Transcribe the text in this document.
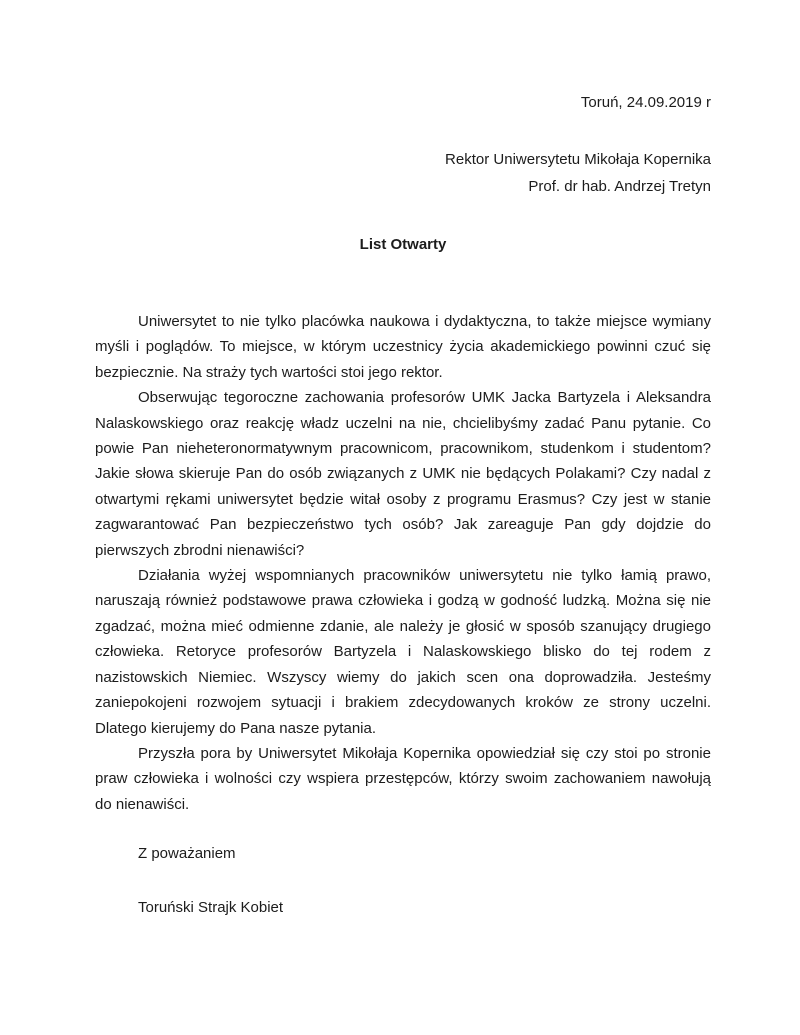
Toruń, 24.09.2019 r
Rektor Uniwersytetu Mikołaja Kopernika
Prof. dr hab. Andrzej Tretyn
List Otwarty

Uniwersytet to nie tylko placówka naukowa i dydaktyczna, to także miejsce wymiany myśli i poglądów. To miejsce, w którym uczestnicy życia akademickiego powinni czuć się bezpiecznie. Na straży tych wartości stoi jego rektor.

Obserwując tegoroczne zachowania profesorów UMK Jacka Bartyzela i Aleksandra Nalaskowskiego oraz reakcję władz uczelni na nie, chcielibyśmy zadać Panu pytanie. Co powie Pan nieheteronormatywnym pracownicom, pracownikom, studenkom i studentom? Jakie słowa skieruje Pan do osób związanych z UMK nie będących Polakami? Czy nadal z otwartymi rękami uniwersytet będzie witał osoby z programu Erasmus? Czy jest w stanie zagwarantować Pan bezpieczeństwo tych osób? Jak zareaguje Pan gdy dojdzie do pierwszych zbrodni nienawiści?

Działania wyżej wspomnianych pracowników uniwersytetu nie tylko łamią prawo, naruszają również podstawowe prawa człowieka i godzą w godność ludzką. Można się nie zgadzać, można mieć odmienne zdanie, ale należy je głosić w sposób szanujący drugiego człowieka. Retoryce profesorów Bartyzela i Nalaskowskiego blisko do tej rodem z nazistowskich Niemiec. Wszyscy wiemy do jakich scen ona doprowadziła. Jesteśmy zaniepokojeni rozwojem sytuacji i brakiem zdecydowanych kroków ze strony uczelni. Dlatego kierujemy do Pana nasze pytania.

Przyszła pora by Uniwersytet Mikołaja Kopernika opowiedział się czy stoi po stronie praw człowieka i wolności czy wspiera przestępców, którzy swoim zachowaniem nawołują do nienawiści.

Z poważaniem
Toruński Strajk Kobiet
